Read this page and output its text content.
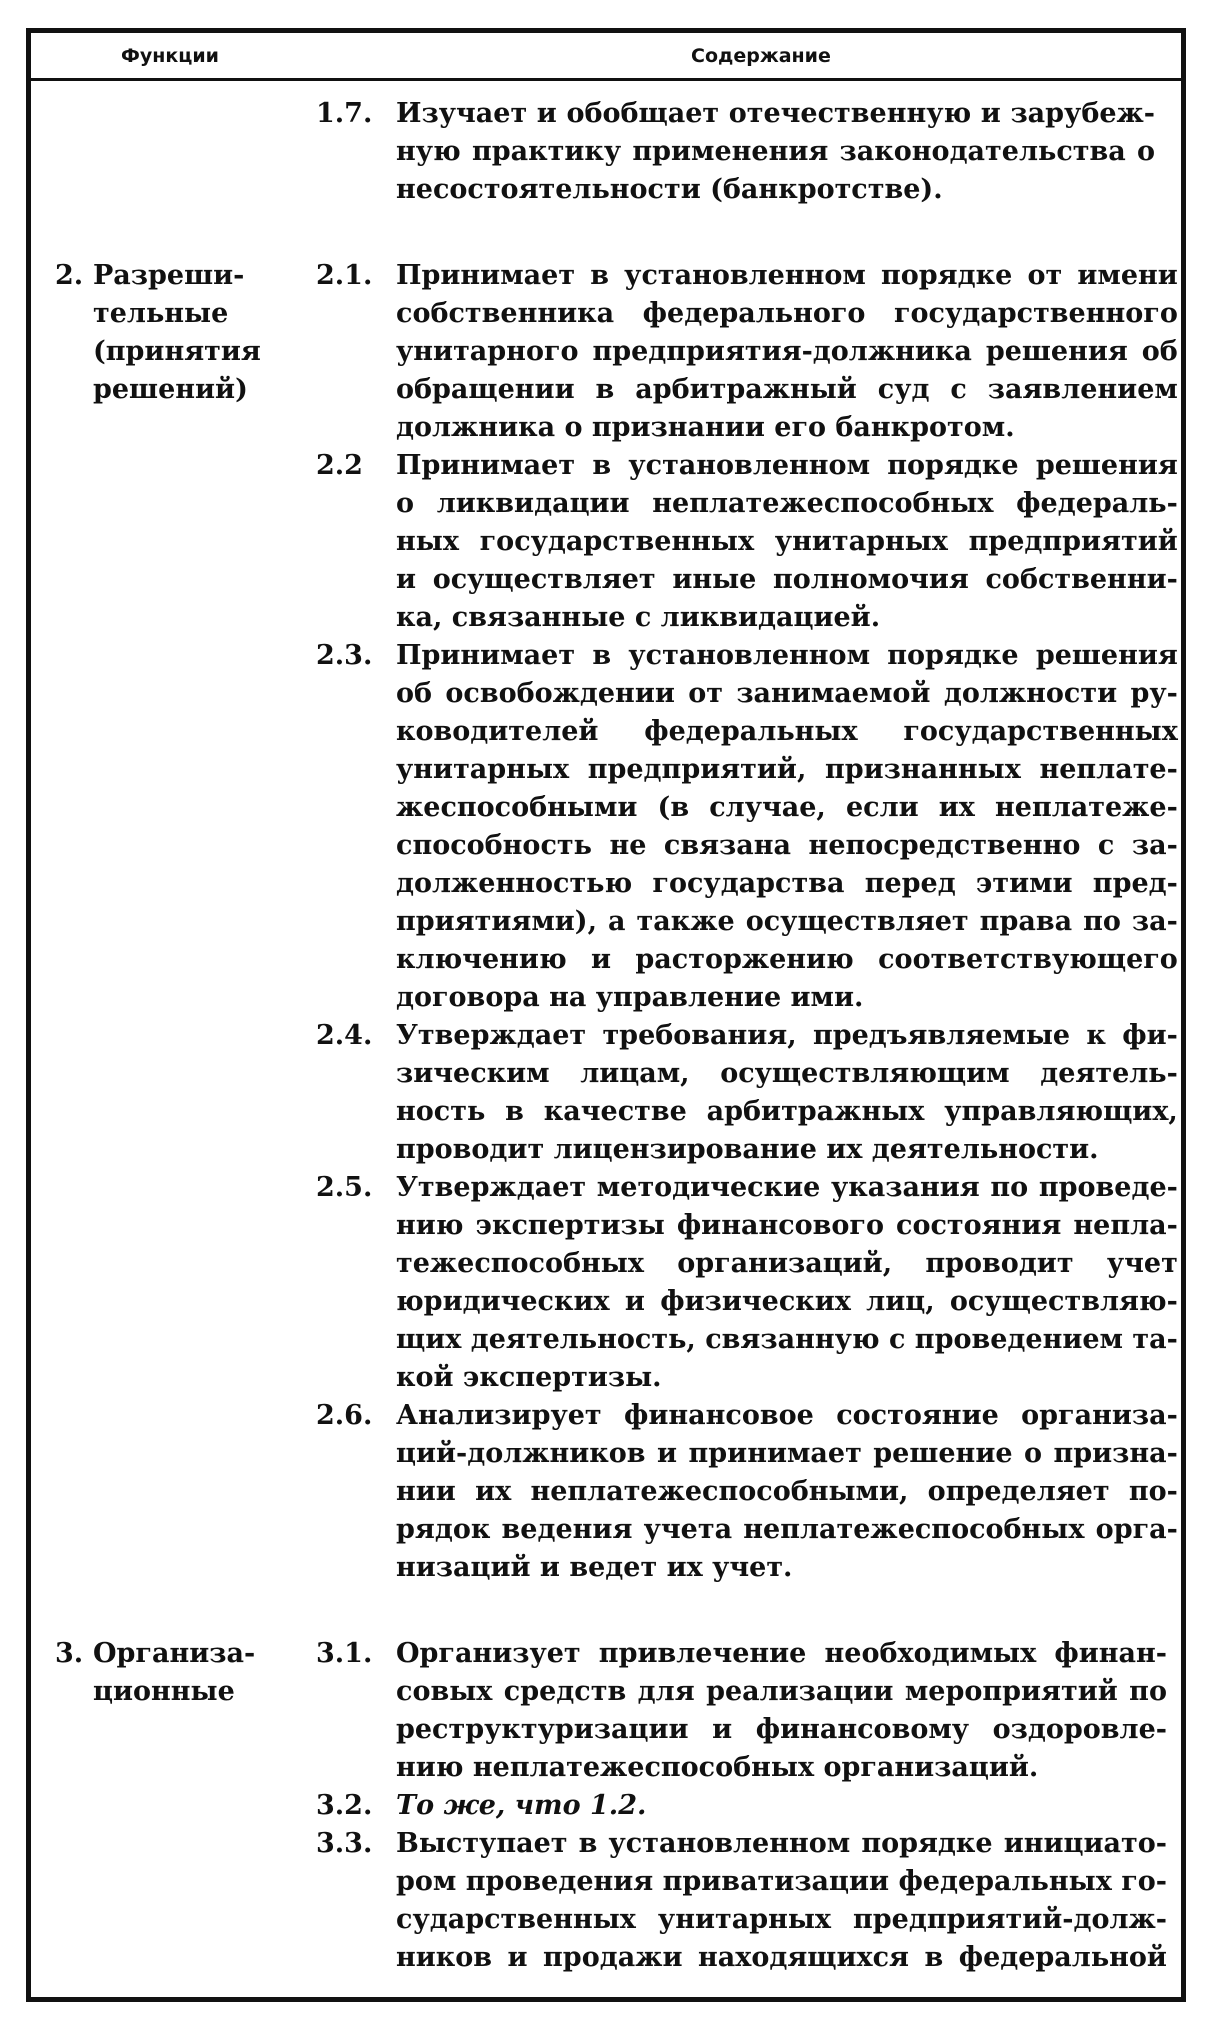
Функции	Содержание
1.7. Изучает и обобщает отечественную и зарубеж-
ную практику применения законодательства о
несостоятельности (банкротстве).
2. Разреши-
тельные
(принятия
решений)
2.1. Принимает в установленном порядке от имени
собственника федерального государственного
унитарного предприятия-должника решения об
обращении в арбитражный суд с заявлением
должника о признании его банкротом.
2.2	Принимает в установленном порядке решения
о ликвидации неплатежеспособных федераль-
ных государственных унитарных предприятий
и осуществляет иные полномочия собственни-
ка, связанные с ликвидацией.
2.3. Принимает в установленном порядке решения
об освобождении от занимаемой должности ру-
ководителей федеральных государственных
унитарных предприятий, признанных неплате-
жеспособными (в случае, если их неплатеже-
способность не связана непосредственно с за-
долженностью государства перед этими пред-
приятиями), а также осуществляет права по за-
ключению и расторжению соответствующего
договора на управление ими.
2.4. Утверждает требования, предъявляемые к фи-
зическим лицам, осуществляющим деятель-
ность в качестве арбитражных управляющих,
проводит лицензирование их деятельности.
2.5. Утверждает методические указания по проведе-
нию экспертизы финансового состояния непла-
тежеспособных организаций, проводит учет
юридических и физических лиц, осуществляю-
щих деятельность, связанную с проведением та-
кой экспертизы.
2.6. Анализирует финансовое состояние организа-
ций-должников и принимает решение о призна-
нии их неплатежеспособными, определяет по-
рядок ведения учета неплатежеспособных орга-
низаций и ведет их учет.
3. Организа-
ционные
3.1. Организует привлечение необходимых финан-
совых средств для реализации мероприятий по
реструктуризации и финансовому оздоровле-
нию неплатежеспособных организаций.
3.2. То же, что 1.2.
3.3. Выступает в установленном порядке инициато-
ром проведения приватизации федеральных го-
сударственных унитарных предприятий-долж-
ников и продажи находящихся в федеральной
